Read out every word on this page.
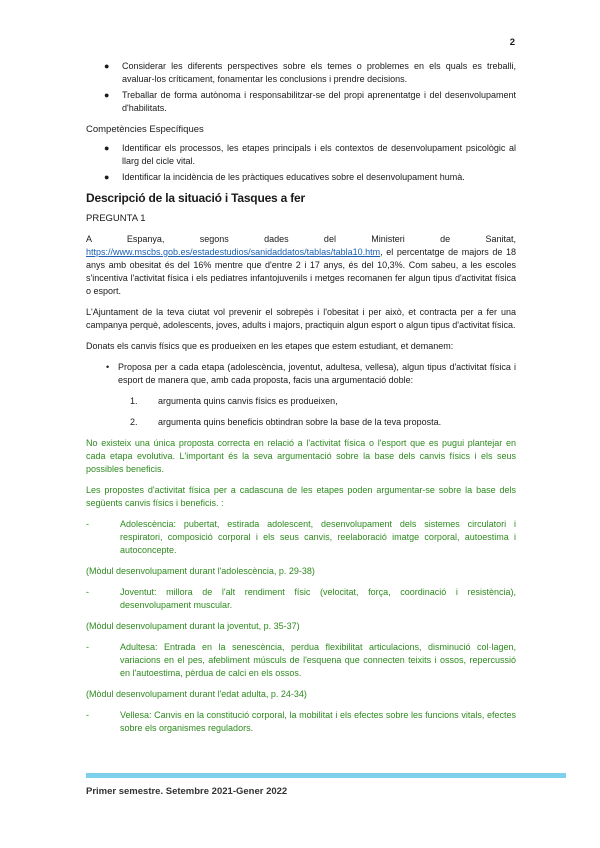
2
● Considerar les diferents perspectives sobre els temes o problemes en els quals es treballi, avaluar-los críticament, fonamentar les conclusions i prendre decisions.
● Treballar de forma autònoma i responsabilitzar-se del propi aprenentatge i del desenvolupament d'habilitats.
Competències Específiques
● Identificar els processos, les etapes principals i els contextos de desenvolupament psicològic al llarg del cicle vital.
● Identificar la incidència de les pràctiques educatives sobre el desenvolupament humà.
Descripció de la situació i Tasques a fer
PREGUNTA 1

A Espanya, segons dades del Ministeri de Sanitat, https://www.mscbs.gob.es/estadestudios/sanidaddatos/tablas/tabla10.htm, el percentatge de majors de 18 anys amb obesitat és del 16% mentre que d'entre 2 i 17 anys, és del 10,3%. Com sabeu, a les escoles s'incentiva l'activitat física i els pediatres infantojuvenils i metges recomanen fer algun tipus d'activitat física o esport.

L'Ajuntament de la teva ciutat vol prevenir el sobrepès i l'obesitat i per això, et contracta per a fer una campanya perquè, adolescents, joves, adults i majors, practiquin algun esport o algun tipus d'activitat física.

Donats els canvis físics que es produeixen en les etapes que estem estudiant, et demanem:

• Proposa per a cada etapa (adolescència, joventut, adultesa, vellesa), algun tipus d'activitat física i esport de manera que, amb cada proposta, facis una argumentació doble:
1. argumenta quins canvis físics es produeixen,
2. argumenta quins beneficis obtindran sobre la base de la teva proposta.

No existeix una única proposta correcta en relació a l'activitat física o l'esport que es pugui plantejar en cada etapa evolutiva. L'important és la seva argumentació sobre la base dels canvis físics i els seus possibles beneficis.

Les propostes d'activitat física per a cadascuna de les etapes poden argumentar-se sobre la base dels següents canvis físics i beneficis. :

-	Adolescència: pubertat, estirada adolescent, desenvolupament dels sistemes circulatori i respiratori, composició corporal i els seus canvis, reelaboració imatge corporal, autoestima i autoconcepte.

(Mòdul desenvolupament durant l'adolescència, p. 29-38)

-	Joventut: millora de l'alt rendiment físic (velocitat, força, coordinació i resistència), desenvolupament muscular.

(Mòdul desenvolupament durant la joventut, p. 35-37)

-	Adultesa: Entrada en la senescència, perdua flexibilitat articulacions, disminució col·lagen, variacions en el pes, afebliment músculs de l'esquena que connecten teixits i ossos, repercussió en l'autoestima, pèrdua de calci en els ossos.

(Mòdul desenvolupament durant l'edat adulta, p. 24-34)

-	Vellesa: Canvis en la constitució corporal, la mobilitat i els efectes sobre les funcions vitals, efectes sobre els organismes reguladors.
Primer semestre. Setembre 2021-Gener 2022
